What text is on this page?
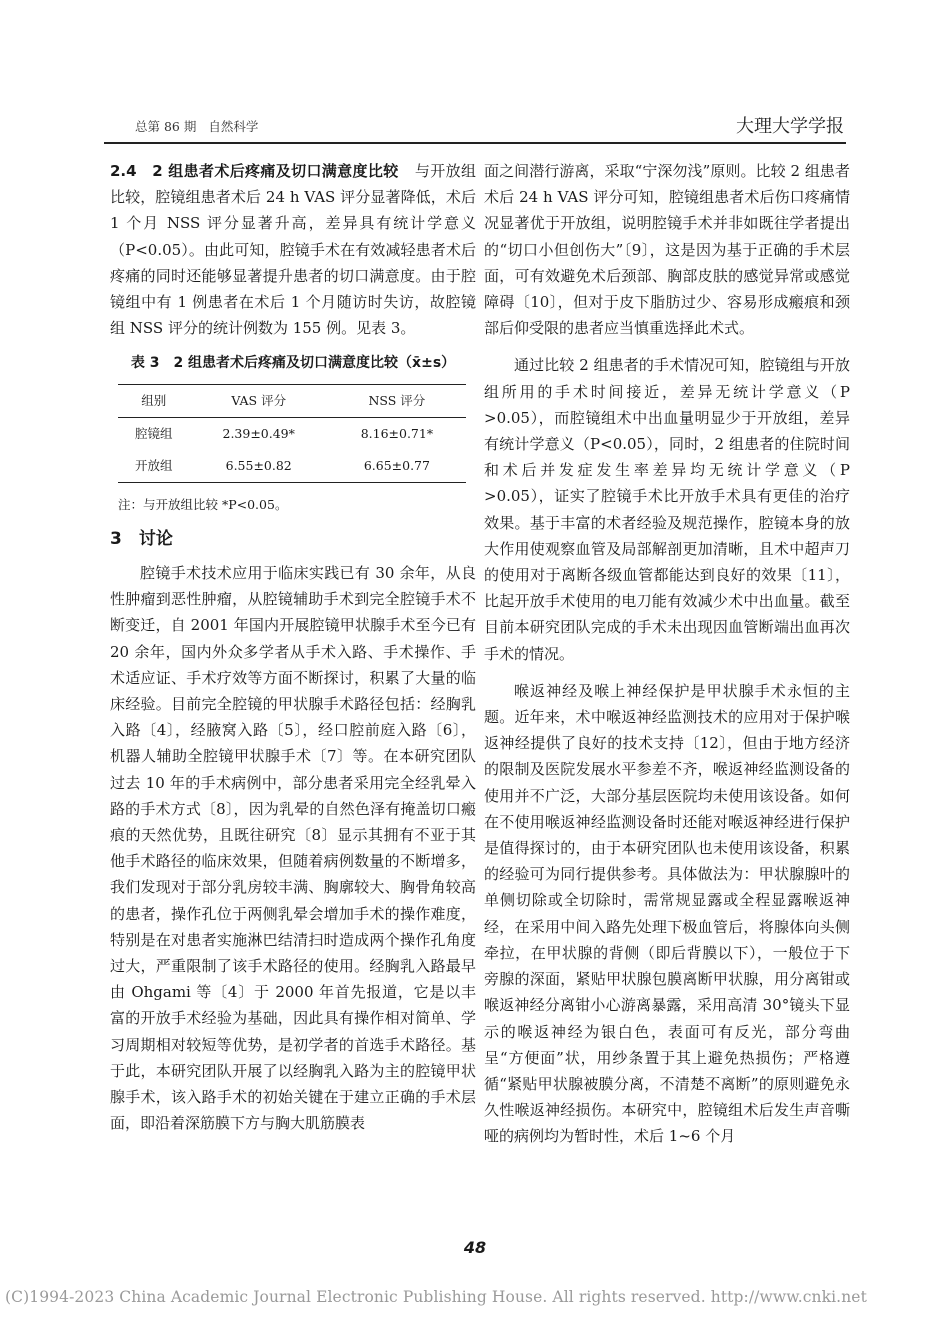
总第 86 期 自然科学	大理大学学报

2.4　2 组患者术后疼痛及切口满意度比较 与开放组比较，腔镜组患者术后 24 h VAS 评分显著降低，术后 1 个月 NSS 评分显著升高，差异具有统计学意义（P<0.05）。由此可知，腔镜手术在有效减轻患者术后疼痛的同时还能够显著提升患者的切口满意度。由于腔镜组中有 1 例患者在术后 1 个月随访时失访，故腔镜组 NSS 评分的统计例数为 155 例。见表 3。

表 3　2 组患者术后疼痛及切口满意度比较（x̄±s）
组别	VAS 评分	NSS 评分
腔镜组	2.39±0.49*	8.16±0.71*
开放组	6.55±0.82	6.65±0.77
注：与开放组比较 *P<0.05。
3　讨论

腔镜手术技术应用于临床实践已有 30 余年，从良性肿瘤到恶性肿瘤，从腔镜辅助手术到完全腔镜手术不断变迁，自 2001 年国内开展腔镜甲状腺手术至今已有 20 余年，国内外众多学者从手术入路、手术操作、手术适应证、手术疗效等方面不断探讨，积累了大量的临床经验。目前完全腔镜的甲状腺手术路径包括：经胸乳入路〔4〕，经腋窝入路〔5〕，经口腔前庭入路〔6〕，机器人辅助全腔镜甲状腺手术〔7〕等。在本研究团队过去 10 年的手术病例中，部分患者采用完全经乳晕入路的手术方式〔8〕，因为乳晕的自然色泽有掩盖切口瘢痕的天然优势，且既往研究〔8〕显示其拥有不亚于其他手术路径的临床效果，但随着病例数量的不断增多，我们发现对于部分乳房较丰满、胸廓较大、胸骨角较高的患者，操作孔位于两侧乳晕会增加手术的操作难度，特别是在对患者实施淋巴结清扫时造成两个操作孔角度过大，严重限制了该手术路径的使用。经胸乳入路最早由 Ohgami 等〔4〕于 2000 年首先报道，它是以丰富的开放手术经验为基础，因此具有操作相对简单、学习周期相对较短等优势，是初学者的首选手术路径。基于此，本研究团队开展了以经胸乳入路为主的腔镜甲状腺手术，该入路手术的初始关键在于建立正确的手术层面，即沿着深筋膜下方与胸大肌筋膜表

面之间潜行游离，采取“宁深勿浅”原则。比较 2 组患者术后 24 h VAS 评分可知，腔镜组患者术后伤口疼痛情况显著优于开放组，说明腔镜手术并非如既往学者提出的“切口小但创伤大”〔9〕，这是因为基于正确的手术层面，可有效避免术后颈部、胸部皮肤的感觉异常或感觉障碍〔10〕，但对于皮下脂肪过少、容易形成瘢痕和颈部后仰受限的患者应当慎重选择此术式。

通过比较 2 组患者的手术情况可知，腔镜组与开放组所用的手术时间接近，差异无统计学意义（P >0.05），而腔镜组术中出血量明显少于开放组，差异有统计学意义（P<0.05），同时，2 组患者的住院时间和术后并发症发生率差异均无统计学意义（P >0.05），证实了腔镜手术比开放手术具有更佳的治疗效果。基于丰富的术者经验及规范操作，腔镜本身的放大作用使观察血管及局部解剖更加清晰，且术中超声刀的使用对于离断各级血管都能达到良好的效果〔11〕，比起开放手术使用的电刀能有效减少术中出血量。截至目前本研究团队完成的手术未出现因血管断端出血再次手术的情况。

喉返神经及喉上神经保护是甲状腺手术永恒的主题。近年来，术中喉返神经监测技术的应用对于保护喉返神经提供了良好的技术支持〔12〕，但由于地方经济的限制及医院发展水平参差不齐，喉返神经监测设备的使用并不广泛，大部分基层医院均未使用该设备。如何在不使用喉返神经监测设备时还能对喉返神经进行保护是值得探讨的，由于本研究团队也未使用该设备，积累的经验可为同行提供参考。具体做法为：甲状腺腺叶的单侧切除或全切除时，需常规显露或全程显露喉返神经，在采用中间入路先处理下极血管后，将腺体向头侧牵拉，在甲状腺的背侧（即后背膜以下），一般位于下旁腺的深面，紧贴甲状腺包膜离断甲状腺，用分离钳或喉返神经分离钳小心游离暴露，采用高清 30°镜头下显示的喉返神经为银白色，表面可有反光，部分弯曲呈“方便面”状，用纱条置于其上避免热损伤；严格遵循“紧贴甲状腺被膜分离，不清楚不离断”的原则避免永久性喉返神经损伤。本研究中，腔镜组术后发生声音嘶哑的病例均为暂时性，术后 1~6 个月

48
(C)1994-2023 China Academic Journal Electronic Publishing House. All rights reserved. http://www.cnki.net
